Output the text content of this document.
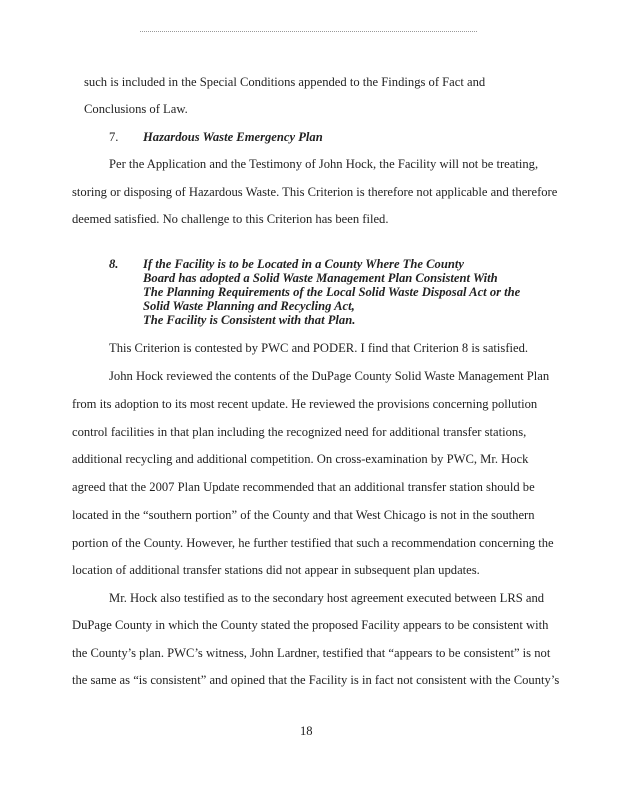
such is included in the Special Conditions appended to the Findings of Fact and
Conclusions of Law.
7. Hazardous Waste Emergency Plan
Per the Application and the Testimony of John Hock, the Facility will not be treating,
storing or disposing of Hazardous Waste. This Criterion is therefore not applicable and therefore
deemed satisfied. No challenge to this Criterion has been filed.
8. If the Facility is to be Located in a County Where The County
Board has adopted a Solid Waste Management Plan Consistent With
The Planning Requirements of the Local Solid Waste Disposal Act or the
Solid Waste Planning and Recycling Act,
The Facility is Consistent with that Plan.
This Criterion is contested by PWC and PODER. I find that Criterion 8 is satisfied.
John Hock reviewed the contents of the DuPage County Solid Waste Management Plan
from its adoption to its most recent update. He reviewed the provisions concerning pollution
control facilities in that plan including the recognized need for additional transfer stations,
additional recycling and additional competition. On cross-examination by PWC, Mr. Hock
agreed that the 2007 Plan Update recommended that an additional transfer station should be
located in the “southern portion” of the County and that West Chicago is not in the southern
portion of the County. However, he further testified that such a recommendation concerning the
location of additional transfer stations did not appear in subsequent plan updates.
Mr. Hock also testified as to the secondary host agreement executed between LRS and
DuPage County in which the County stated the proposed Facility appears to be consistent with
the County’s plan. PWC’s witness, John Lardner, testified that “appears to be consistent” is not
the same as “is consistent” and opined that the Facility is in fact not consistent with the County’s
18
